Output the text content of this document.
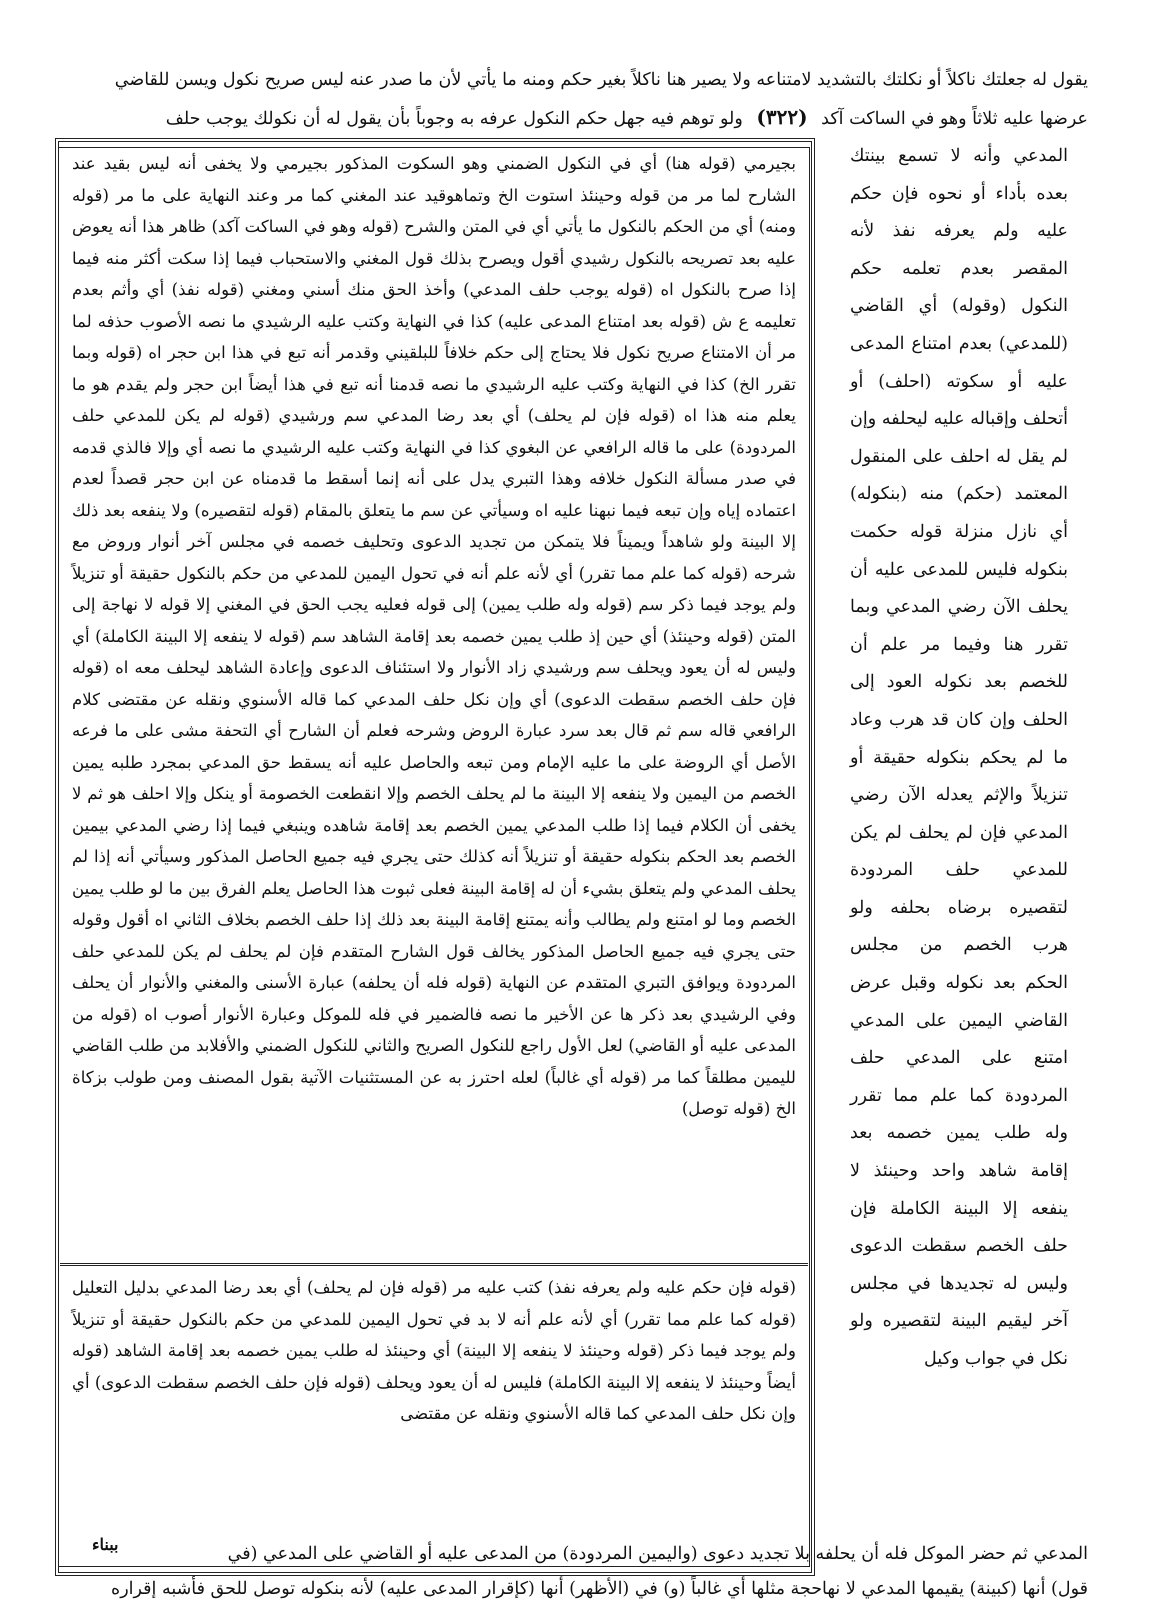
يقول له جعلتك ناكلاً أو نكلتك بالتشديد لامتناعه ولا يصير هنا ناكلاً بغير حكم ومنه ما يأتي لأن ما صدر عنه ليس صريح نكول ويسن للقاضي
عرضها عليه ثلاثاً وهو في الساكت آكد (٣٢٢) ولو توهم فيه جهل حكم النكول عرفه به وجوباً بأن يقول له أن نكولك يوجب حلف
المدعي وأنه لا تسمع بينتك بعده بأداء أو نحوه فإن حكم عليه ولم يعرفه نفذ لأنه المقصر بعدم تعلمه حكم النكول (وقوله) أي القاضي (للمدعي) بعدم امتناع المدعى عليه أو سكوته (احلف) أو أتحلف وإقباله عليه ليحلفه وإن لم يقل له احلف على المنقول المعتمد (حكم) منه (بنكوله) أي نازل منزلة قوله حكمت بنكوله فليس للمدعى عليه أن يحلف الآن رضي المدعي وبما تقرر هنا وفيما مر علم أن للخصم بعد نكوله العود إلى الحلف وإن كان قد هرب وعاد ما لم يحكم بنكوله حقيقة أو تنزيلاً والإثم يعدله الآن رضي المدعي فإن لم يحلف لم يكن للمدعي حلف المردودة لتقصيره برضاه بحلفه ولو هرب الخصم من مجلس الحكم بعد نكوله وقبل عرض القاضي اليمين على المدعي امتنع على المدعي حلف المردودة كما علم مما تقرر وله طلب يمين خصمه بعد إقامة شاهد واحد وحينئذ لا ينفعه إلا البينة الكاملة فإن حلف الخصم سقطت الدعوى وليس له تجديدها في مجلس آخر ليقيم البينة لتقصيره ولو نكل في جواب وكيل
بجيرمي (قوله هنا) أي في النكول الضمني وهو السكوت المذكور بجيرمي ولا يخفى أنه ليس بقيد عند الشارح لما مر من قوله وحينئذ استوت الخ وتماهوقيد عند المغني كما مر وعند النهاية على ما مر (قوله ومنه) أي من الحكم بالنكول ما يأتي أي في المتن والشرح (قوله وهو في الساكت آكد) ظاهر هذا أنه يعوض عليه بعد تصريحه بالنكول رشيدي أقول ويصرح بذلك قول المغني والاستحباب فيما إذا سكت أكثر منه فيما إذا صرح بالنكول اه (قوله يوجب حلف المدعي) وأخذ الحق منك أسني ومغني (قوله نفذ) أي وأثم بعدم تعليمه ع ش (قوله بعد امتناع المدعى عليه) كذا في النهاية وكتب عليه الرشيدي ما نصه الأصوب حذفه لما مر أن الامتناع صريح نكول فلا يحتاج إلى حكم خلافاً للبلقيني وقدمر أنه تبع في هذا ابن حجر اه (قوله وبما تقرر الخ) كذا في النهاية وكتب عليه الرشيدي ما نصه قدمنا أنه تبع في هذا أيضاً ابن حجر ولم يقدم هو ما يعلم منه هذا اه (قوله فإن لم يحلف) أي بعد رضا المدعي سم ورشيدي (قوله لم يكن للمدعي حلف المردودة) على ما قاله الرافعي عن البغوي كذا في النهاية وكتب عليه الرشيدي ما نصه أي وإلا فالذي قدمه في صدر مسألة النكول خلافه وهذا التبري يدل على أنه إنما أسقط ما قدمناه عن ابن حجر قصداً لعدم اعتماده إياه وإن تبعه فيما نبهنا عليه اه وسيأتي عن سم ما يتعلق بالمقام (قوله لتقصيره) ولا ينفعه بعد ذلك إلا البينة ولو شاهداً ويميناً فلا يتمكن من تجديد الدعوى وتحليف خصمه في مجلس آخر أنوار وروض مع شرحه (قوله كما علم مما تقرر) أي لأنه علم أنه في تحول اليمين للمدعي من حكم بالنكول حقيقة أو تنزيلاً ولم يوجد فيما ذكر سم (قوله وله طلب يمين) إلى قوله فعليه يجب الحق في المغني إلا قوله لا نهاجة إلى المتن (قوله وحينئذ) أي حين إذ طلب يمين خصمه بعد إقامة الشاهد سم (قوله لا ينفعه إلا البينة الكاملة) أي وليس له أن يعود ويحلف سم ورشيدي زاد الأنوار ولا استئناف الدعوى وإعادة الشاهد ليحلف معه اه (قوله فإن حلف الخصم سقطت الدعوى) أي وإن نكل حلف المدعي كما قاله الأسنوي ونقله عن مقتضى كلام الرافعي قاله سم ثم قال بعد سرد عبارة الروض وشرحه فعلم أن الشارح أي التحفة مشى على ما فرعه الأصل أي الروضة على ما عليه الإمام ومن تبعه والحاصل عليه أنه يسقط حق المدعي بمجرد طلبه يمين الخصم من اليمين ولا ينفعه إلا البينة ما لم يحلف الخصم وإلا انقطعت الخصومة أو ينكل وإلا احلف هو ثم لا يخفى أن الكلام فيما إذا طلب المدعي يمين الخصم بعد إقامة شاهده وينبغي فيما إذا رضي المدعي بيمين الخصم بعد الحكم بنكوله حقيقة أو تنزيلاً أنه كذلك حتى يجري فيه جميع الحاصل المذكور وسيأتي أنه إذا لم يحلف المدعي ولم يتعلق بشيء أن له إقامة البينة فعلى ثبوت هذا الحاصل يعلم الفرق بين ما لو طلب يمين الخصم وما لو امتنع ولم يطالب وأنه يمتنع إقامة البينة بعد ذلك إذا حلف الخصم بخلاف الثاني اه أقول وقوله حتى يجري فيه جميع الحاصل المذكور يخالف قول الشارح المتقدم فإن لم يحلف لم يكن للمدعي حلف المردودة ويوافق التبري المتقدم عن النهاية (قوله فله أن يحلفه) عبارة الأسنى والمغني والأنوار أن يحلف وفي الرشيدي بعد ذكر ها عن الأخير ما نصه فالضمير في فله للموكل وعبارة الأنوار أصوب اه (قوله من المدعى عليه أو القاضي) لعل الأول راجع للنكول الصريح والثاني للنكول الضمني والأفلابد من طلب القاضي لليمين مطلقاً كما مر (قوله أي غالباً) لعله احترز به عن المستثنيات الآتية بقول المصنف ومن طولب بزكاة الخ (قوله توصل)
(قوله فإن حكم عليه ولم يعرفه نفذ) كتب عليه مر (قوله فإن لم يحلف) أي بعد رضا المدعي بدليل التعليل (قوله كما علم مما تقرر) أي لأنه علم أنه لا بد في تحول اليمين للمدعي من حكم بالنكول حقيقة أو تنزيلاً ولم يوجد فيما ذكر (قوله وحينئذ لا ينفعه إلا البينة) أي وحينئذ له طلب يمين خصمه بعد إقامة الشاهد (قوله أيضاً وحينئذ لا ينفعه إلا البينة الكاملة) فليس له أن يعود ويحلف (قوله فإن حلف الخصم سقطت الدعوى) أي وإن نكل حلف المدعي كما قاله الأسنوي ونقله عن مقتضى
المدعي ثم حضر الموكل فله أن يحلفه بلا تجديد دعوى (واليمين المردودة) من المدعى عليه أو القاضي على المدعي (في
قول) أنها (كبينة) يقيمها المدعي لا نهاحجة مثلها أي غالباً (و) في (الأظهر) أنها (كإقرار المدعى عليه) لأنه بنكوله توصل للحق فأشبه إقراره
ببناء
